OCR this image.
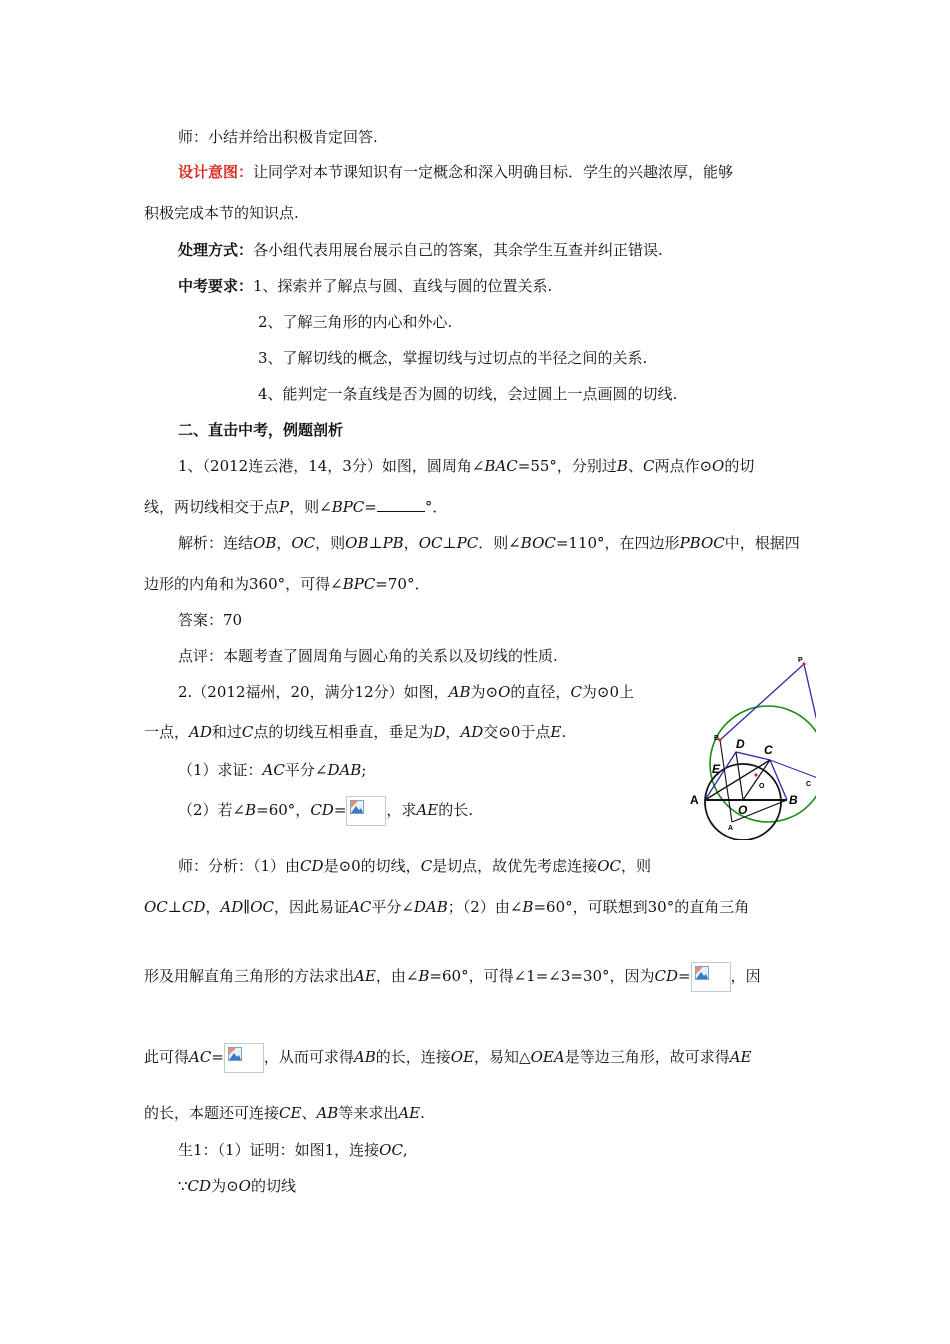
师：小结并给出积极肯定回答.
设计意图：让同学对本节课知识有一定概念和深入明确目标．学生的兴趣浓厚，能够
积极完成本节的知识点.
处理方式：各小组代表用展台展示自己的答案，其余学生互查并纠正错误.
中考要求：1、探索并了解点与圆、直线与圆的位置关系.
2、了解三角形的内心和外心.
3、了解切线的概念，掌握切线与过切点的半径之间的关系.
4、能判定一条直线是否为圆的切线，会过圆上一点画圆的切线.
二、直击中考，例题剖析
1、（2012连云港，14，3分）如图，圆周角∠BAC=55°，分别过B、C两点作⊙O的切
线，两切线相交于点P，则∠BPC=	°．
解析：连结OB，OC，则OB⊥PB，OC⊥PC．则∠BOC=110°，在四边形PBOC中，根据四
边形的内角和为360°，可得∠BPC=70°．
答案：70
点评：本题考查了圆周角与圆心角的关系以及切线的性质.
2.（2012福州，20，满分12分）如图，AB为⊙O的直径，C为⊙0上
一点，AD和过C点的切线互相垂直，垂足为D，AD交⊙0于点E.
（1）求证：AC平分∠DAB;
（2）若∠B=60°，CD=	，求AE的长.
P
B D C
E
O	C
A
O
B
A
师：分析：（1）由CD是⊙0的切线，C是切点，故优先考虑连接OC，则
OC⊥CD，AD∥OC，因此易证AC平分∠DAB；（2）由∠B=60°，可联想到30°的直角三角
形及用解直角三角形的方法求出AE，由∠B=60°，可得∠1=∠3=30°，因为CD=	，因
此可得AC=	，从而可求得AB的长，连接OE，易知△OEA是等边三角形，故可求得AE
的长，本题还可连接CE、AB等来求出AE.
生1：（1）证明：如图1，连接OC,
∵CD为⊙O的切线
